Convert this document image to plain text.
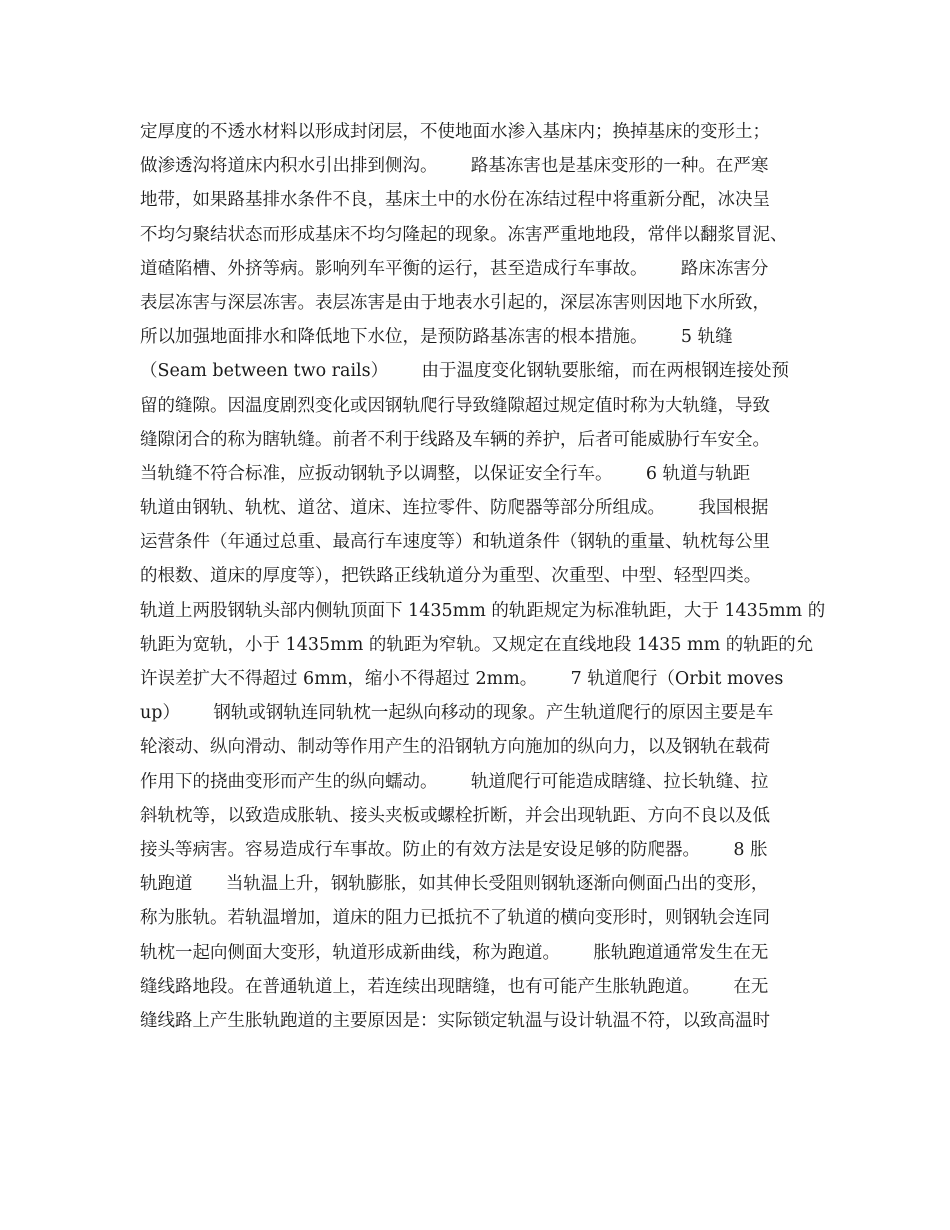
定厚度的不透水材料以形成封闭层，不使地面水渗入基床内；换掉基床的变形土；
做渗透沟将道床内积水引出排到侧沟。      路基冻害也是基床变形的一种。在严寒
地带，如果路基排水条件不良，基床土中的水份在冻结过程中将重新分配，冰决呈
不均匀聚结状态而形成基床不均匀隆起的现象。冻害严重地地段，常伴以翻浆冒泥、
道碴陷槽、外挤等病。影响列车平衡的运行，甚至造成行车事故。      路床冻害分
表层冻害与深层冻害。表层冻害是由于地表水引起的，深层冻害则因地下水所致，
所以加强地面排水和降低地下水位，是预防路基冻害的根本措施。      5 轨缝
（Seam between two rails）      由于温度变化钢轨要胀缩，而在两根钢连接处预
留的缝隙。因温度剧烈变化或因钢轨爬行导致缝隙超过规定值时称为大轨缝，导致
缝隙闭合的称为瞎轨缝。前者不利于线路及车辆的养护，后者可能威胁行车安全。
当轨缝不符合标准，应扳动钢轨予以调整，以保证安全行车。      6 轨道与轨距
轨道由钢轨、轨枕、道岔、道床、连拉零件、防爬器等部分所组成。      我国根据
运营条件（年通过总重、最高行车速度等）和轨道条件（钢轨的重量、轨枕每公里
的根数、道床的厚度等），把铁路正线轨道分为重型、次重型、中型、轻型四类。
轨道上两股钢轨头部内侧轨顶面下 1435mm 的轨距规定为标准轨距，大于 1435mm 的
轨距为宽轨，小于 1435mm 的轨距为窄轨。又规定在直线地段 1435 mm 的轨距的允
许误差扩大不得超过 6mm，缩小不得超过 2mm。      7 轨道爬行（Orbit moves
up）      钢轨或钢轨连同轨枕一起纵向移动的现象。产生轨道爬行的原因主要是车
轮滚动、纵向滑动、制动等作用产生的沿钢轨方向施加的纵向力，以及钢轨在载荷
作用下的挠曲变形而产生的纵向蠕动。      轨道爬行可能造成瞎缝、拉长轨缝、拉
斜轨枕等，以致造成胀轨、接头夹板或螺栓折断，并会出现轨距、方向不良以及低
接头等病害。容易造成行车事故。防止的有效方法是安设足够的防爬器。      8 胀
轨跑道      当轨温上升，钢轨膨胀，如其伸长受阻则钢轨逐渐向侧面凸出的变形，
称为胀轨。若轨温增加，道床的阻力已抵抗不了轨道的横向变形时，则钢轨会连同
轨枕一起向侧面大变形，轨道形成新曲线，称为跑道。      胀轨跑道通常发生在无
缝线路地段。在普通轨道上，若连续出现瞎缝，也有可能产生胀轨跑道。      在无
缝线路上产生胀轨跑道的主要原因是：实际锁定轨温与设计轨温不符，以致高温时
